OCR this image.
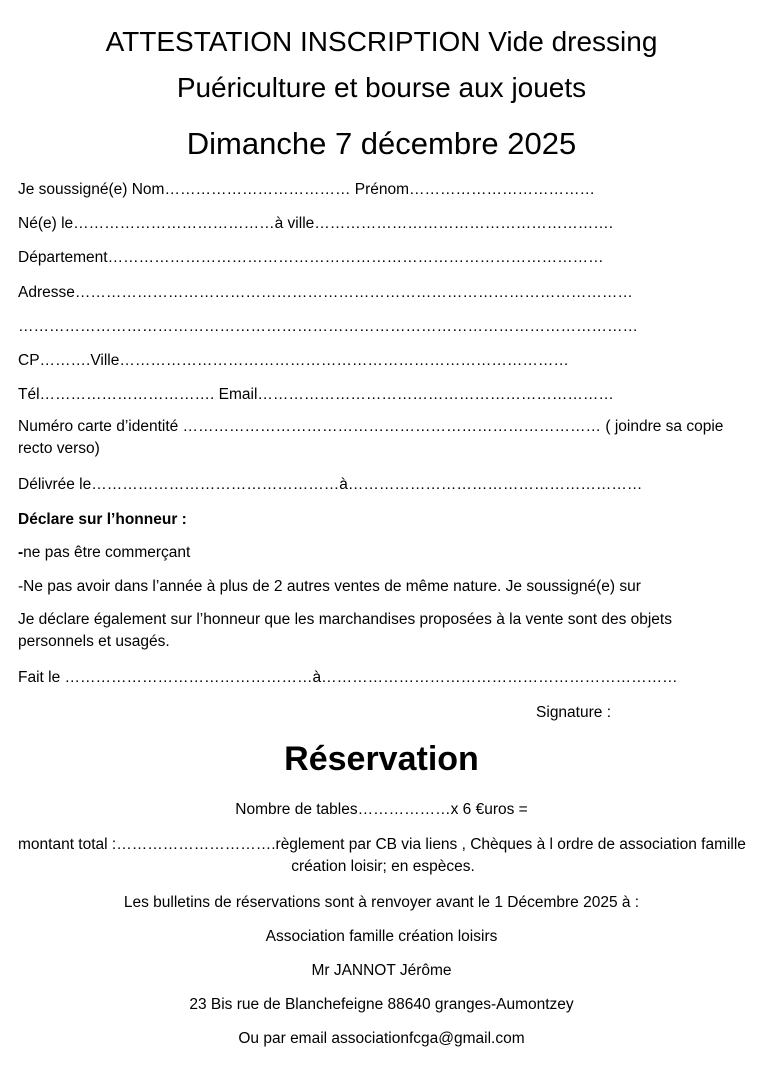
ATTESTATION INSCRIPTION Vide dressing
Puériculture et bourse aux jouets
Dimanche 7 décembre 2025
Je soussigné(e) Nom……………………………… Prénom………………………………
Né(e) le…………………………………à ville………………………………………………….
Département……………………………………………………………………………………
Adresse………………………………………………………………………………………………
…………………………………………………………………………………………………………
CP……….Ville……………………………………………………………………………
Tél……………………………. Email……………………………………………………………
Numéro carte d’identité ……………………………………………………………………… ( joindre sa copie recto verso)
Délivrée le…………………………………………à…………………………………………………
Déclare sur l’honneur :
-ne pas être commerçant
-Ne pas avoir dans l’année à plus de 2 autres ventes de même nature. Je soussigné(e) sur
Je déclare également sur l’honneur que les marchandises proposées à la vente sont des objets personnels et usagés.
Fait le …………………………………………à……………………………………………………………
Signature :
Réservation
Nombre de tables………………x 6 €uros =
montant total :………………………….règlement par CB via liens , Chèques à l ordre de association famille
création loisir; en espèces.
Les bulletins de réservations sont à renvoyer avant le 1 Décembre 2025 à :
Association famille création loisirs
Mr JANNOT Jérôme
23 Bis rue de Blanchefeigne 88640 granges-Aumontzey
Ou par email associationfcga@gmail.com
